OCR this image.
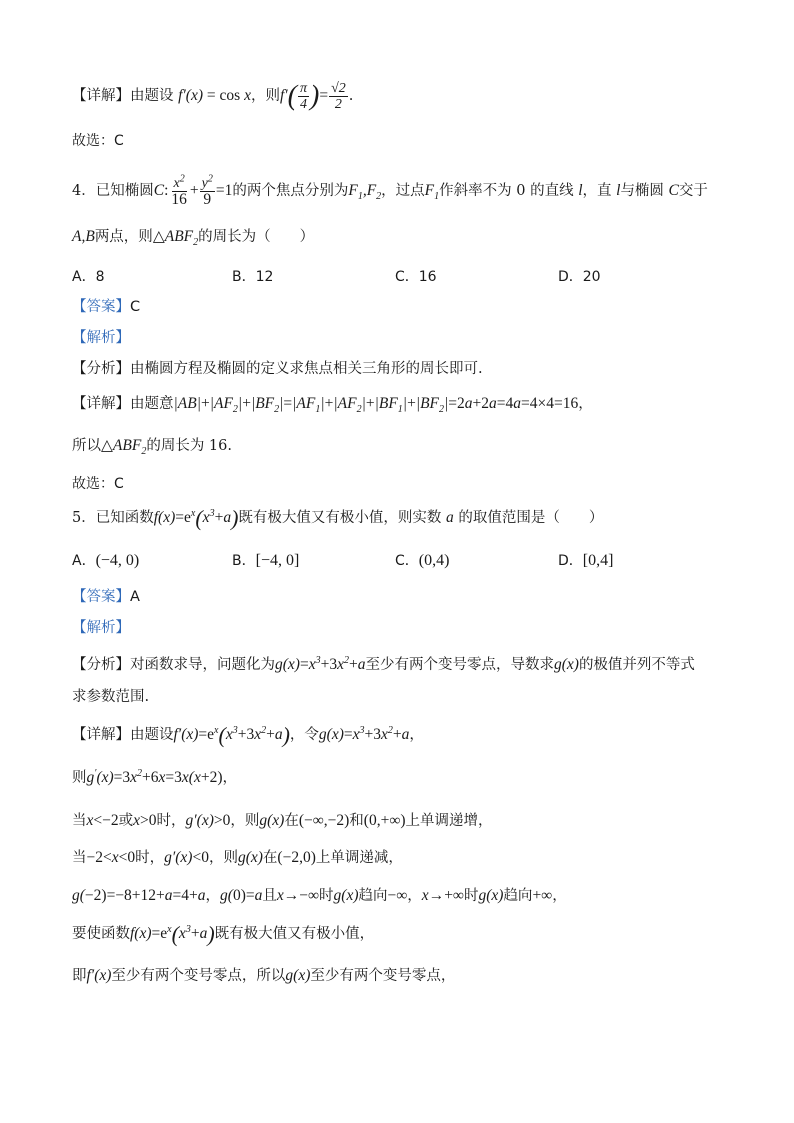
【详解】由题设 f′(x) = cos x，则$f'( \frac{\pi}{4}$ )= $\frac{√2}{2}$ .
故选：C
4．已知椭圆C: $\frac{x^2}{16} + \frac{y^2}{9} =1$的两个焦点分别为$F_1,F_2$，过点$F_1$作斜率不为 0 的直线 l，直 l与椭圆 C交于
A,B两点，则$\triangle ABF_2$的周长为（　　）
A．8	B．12	C．16	D．20
【答案】C
【解析】
【分析】由椭圆方程及椭圆的定义求焦点相关三角形的周长即可.
【详解】由题意$|AB|+|AF_2|+|BF_2|=|AF_1|+|AF_2|+|BF_1|+|BF_2|=2a+2a=4a=4\times 4=16$，
所以$\triangle ABF_2$的周长为 16.
故选：C
5．已知函数$f(x)=e^x(x^3+a)$既有极大值又有极小值，则实数 a 的取值范围是（　　）
A．(−4, 0)	B．[−4, 0]	C．(0,4)	D．[0,4]
【答案】A
【解析】
【分析】对函数求导，问题化为$g(x)=x^3+3x^2+a$至少有两个变号零点，导数求g(x)的极值并列不等式
求参数范围.
【详解】由题设$f'(x)=e^x(x^3+3x^2+a)$，令$g(x)=x^3+3x^2+a$，
则$g'(x)=3x^2+6x=3x(x+2)$，
当x<−2或x>0时，g′(x)>0，则g(x)在(−∞,−2)和(0,+∞)上单调递增，
当−2<x<0时，g′(x)<0，则g(x)在(−2,0)上单调递减，
g(−2)=−8+12+a=4+a，g(0)=a且x→−∞时g(x)趋向−∞，x→+∞时g(x)趋向+∞，
要使函数$f(x)=e^x(x^3+a)$既有极大值又有极小值，
即f′(x)至少有两个变号零点，所以g(x)至少有两个变号零点，
